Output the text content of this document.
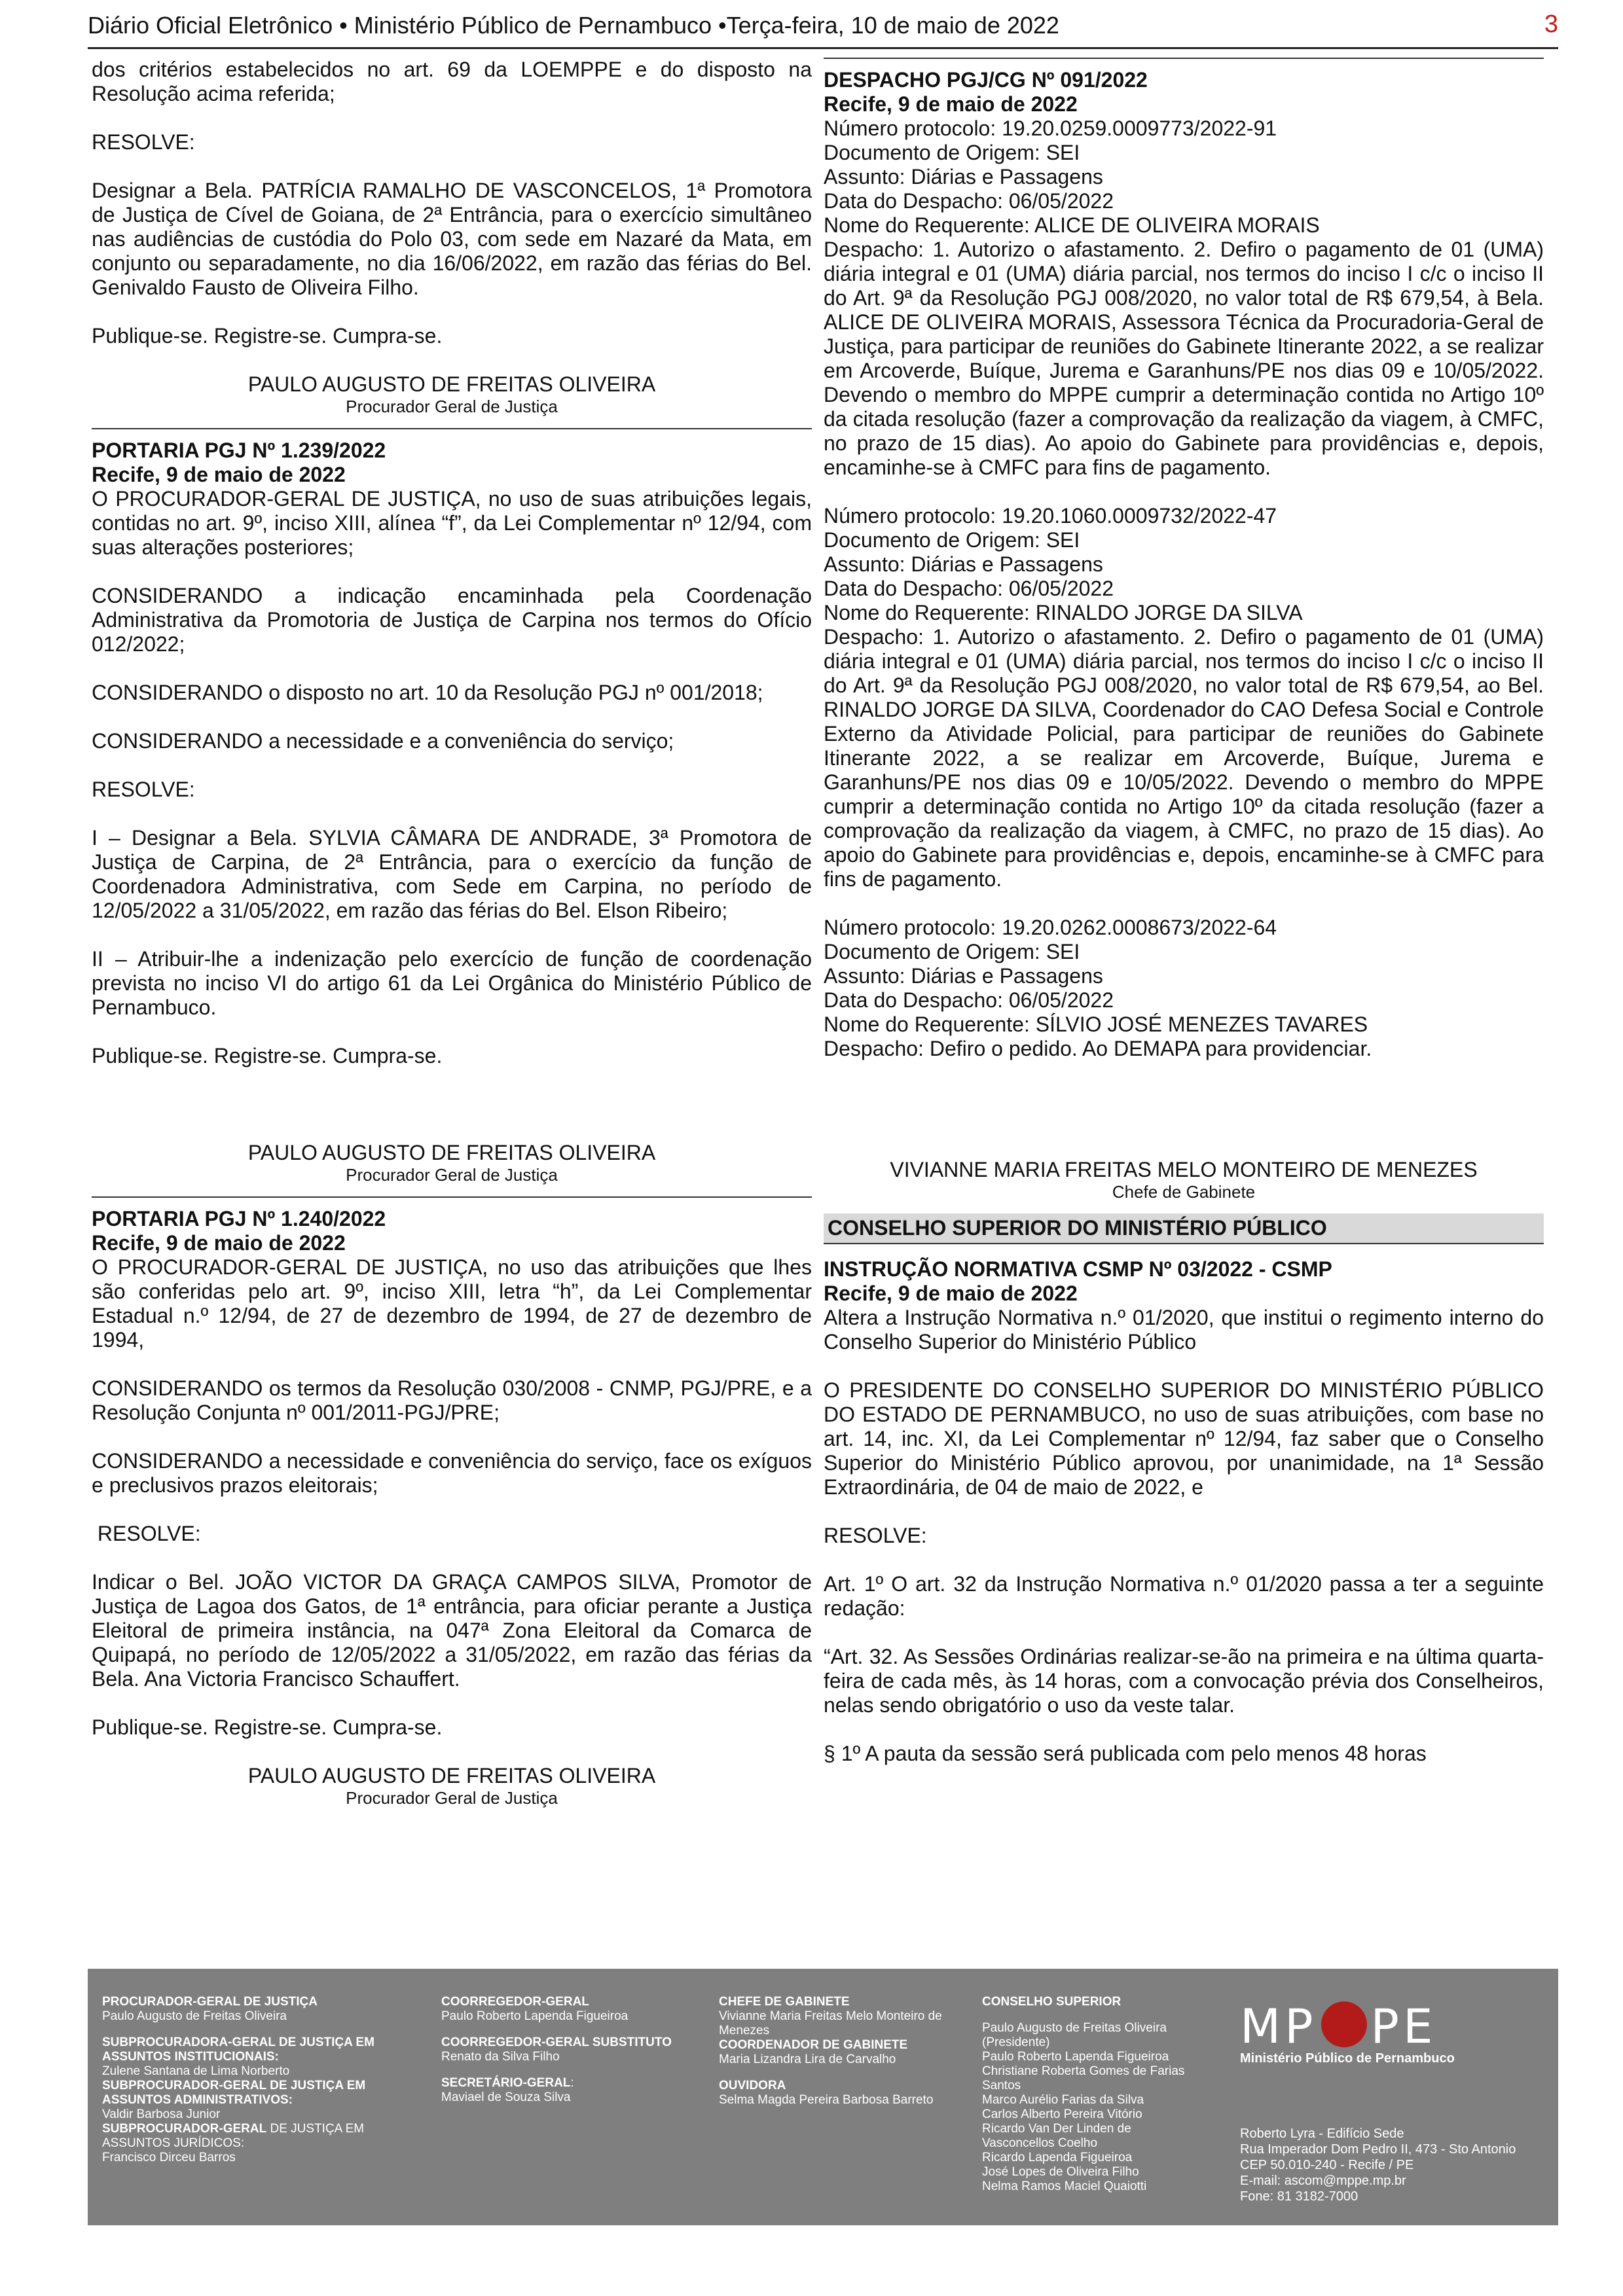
Diário Oficial Eletrônico • Ministério Público de Pernambuco •Terça-feira, 10 de maio de 2022	3

dos critérios estabelecidos no art. 69 da LOEMPPE e do disposto na Resolução acima referida;

RESOLVE:

Designar a Bela. PATRÍCIA RAMALHO DE VASCONCELOS, 1ª Promotora de Justiça de Cível de Goiana, de 2ª Entrância, para o exercício simultâneo nas audiências de custódia do Polo 03, com sede em Nazaré da Mata, em conjunto ou separadamente, no dia 16/06/2022, em razão das férias do Bel. Genivaldo Fausto de Oliveira Filho.

Publique-se. Registre-se. Cumpra-se.

PAULO AUGUSTO DE FREITAS OLIVEIRA

Procurador Geral de Justiça

PORTARIA PGJ Nº 1.239/2022

Recife, 9 de maio de 2022

O PROCURADOR-GERAL DE JUSTIÇA, no uso de suas atribuições legais, contidas no art. 9º, inciso XIII, alínea “f”, da Lei Complementar nº 12/94, com suas alterações posteriores;

CONSIDERANDO a indicação encaminhada pela Coordenação Administrativa da Promotoria de Justiça de Carpina nos termos do Ofício 012/2022;

CONSIDERANDO o disposto no art. 10 da Resolução PGJ nº 001/2018;

CONSIDERANDO a necessidade e a conveniência do serviço;

RESOLVE:

I – Designar a Bela. SYLVIA CÂMARA DE ANDRADE, 3ª Promotora de Justiça de Carpina, de 2ª Entrância, para o exercício da função de Coordenadora Administrativa, com Sede em Carpina, no período de 12/05/2022 a 31/05/2022, em razão das férias do Bel. Elson Ribeiro;

II – Atribuir-lhe a indenização pelo exercício de função de coordenação prevista no inciso VI do artigo 61 da Lei Orgânica do Ministério Público de Pernambuco.

Publique-se. Registre-se. Cumpra-se.

PAULO AUGUSTO DE FREITAS OLIVEIRA

Procurador Geral de Justiça

PORTARIA PGJ Nº 1.240/2022

Recife, 9 de maio de 2022

O PROCURADOR-GERAL DE JUSTIÇA, no uso das atribuições que lhes são conferidas pelo art. 9º, inciso XIII, letra “h”, da Lei Complementar Estadual n.º 12/94, de 27 de dezembro de 1994, de 27 de dezembro de 1994,

CONSIDERANDO os termos da Resolução 030/2008 - CNMP, PGJ/PRE, e a Resolução Conjunta nº 001/2011-PGJ/PRE;

CONSIDERANDO a necessidade e conveniência do serviço, face os exíguos e preclusivos prazos eleitorais;

RESOLVE:

Indicar o Bel. JOÃO VICTOR DA GRAÇA CAMPOS SILVA, Promotor de Justiça de Lagoa dos Gatos, de 1ª entrância, para oficiar perante a Justiça Eleitoral de primeira instância, na 047ª Zona Eleitoral da Comarca de Quipapá, no período de 12/05/2022 a 31/05/2022, em razão das férias da Bela. Ana Victoria Francisco Schauffert.

Publique-se. Registre-se. Cumpra-se.

PAULO AUGUSTO DE FREITAS OLIVEIRA

Procurador Geral de Justiça

DESPACHO PGJ/CG Nº 091/2022

Recife, 9 de maio de 2022

Número protocolo: 19.20.0259.0009773/2022-91

Documento de Origem: SEI

Assunto: Diárias e Passagens

Data do Despacho: 06/05/2022

Nome do Requerente: ALICE DE OLIVEIRA MORAIS

Despacho: 1. Autorizo o afastamento. 2. Defiro o pagamento de 01 (UMA) diária integral e 01 (UMA) diária parcial, nos termos do inciso I c/c o inciso II do Art. 9ª da Resolução PGJ 008/2020, no valor total de R$ 679,54, à Bela. ALICE DE OLIVEIRA MORAIS, Assessora Técnica da Procuradoria-Geral de Justiça, para participar de reuniões do Gabinete Itinerante 2022, a se realizar em Arcoverde, Buíque, Jurema e Garanhuns/PE nos dias 09 e 10/05/2022. Devendo o membro do MPPE cumprir a determinação contida no Artigo 10º da citada resolução (fazer a comprovação da realização da viagem, à CMFC, no prazo de 15 dias). Ao apoio do Gabinete para providências e, depois, encaminhe-se à CMFC para fins de pagamento.

Número protocolo: 19.20.1060.0009732/2022-47

Documento de Origem: SEI

Assunto: Diárias e Passagens

Data do Despacho: 06/05/2022

Nome do Requerente: RINALDO JORGE DA SILVA

Despacho: 1. Autorizo o afastamento. 2. Defiro o pagamento de 01 (UMA) diária integral e 01 (UMA) diária parcial, nos termos do inciso I c/c o inciso II do Art. 9ª da Resolução PGJ 008/2020, no valor total de R$ 679,54, ao Bel. RINALDO JORGE DA SILVA, Coordenador do CAO Defesa Social e Controle Externo da Atividade Policial, para participar de reuniões do Gabinete Itinerante 2022, a se realizar em Arcoverde, Buíque, Jurema e Garanhuns/PE nos dias 09 e 10/05/2022. Devendo o membro do MPPE cumprir a determinação contida no Artigo 10º da citada resolução (fazer a comprovação da realização da viagem, à CMFC, no prazo de 15 dias). Ao apoio do Gabinete para providências e, depois, encaminhe-se à CMFC para fins de pagamento.

Número protocolo: 19.20.0262.0008673/2022-64

Documento de Origem: SEI

Assunto: Diárias e Passagens

Data do Despacho: 06/05/2022

Nome do Requerente: SÍLVIO JOSÉ MENEZES TAVARES

Despacho: Defiro o pedido. Ao DEMAPA para providenciar.

VIVIANNE MARIA FREITAS MELO MONTEIRO DE MENEZES

Chefe de Gabinete

CONSELHO SUPERIOR DO MINISTÉRIO PÚBLICO

INSTRUÇÃO NORMATIVA CSMP Nº 03/2022 - CSMP

Recife, 9 de maio de 2022

Altera a Instrução Normativa n.º 01/2020, que institui o regimento interno do Conselho Superior do Ministério Público

O PRESIDENTE DO CONSELHO SUPERIOR DO MINISTÉRIO PÚBLICO DO ESTADO DE PERNAMBUCO, no uso de suas atribuições, com base no art. 14, inc. XI, da Lei Complementar nº 12/94, faz saber que o Conselho Superior do Ministério Público aprovou, por unanimidade, na 1ª Sessão Extraordinária, de 04 de maio de 2022, e

RESOLVE:

Art. 1º O art. 32 da Instrução Normativa n.º 01/2020 passa a ter a seguinte redação:

“Art. 32. As Sessões Ordinárias realizar-se-ão na primeira e na última quarta-feira de cada mês, às 14 horas, com a convocação prévia dos Conselheiros, nelas sendo obrigatório o uso da veste talar.

§ 1º A pauta da sessão será publicada com pelo menos 48 horas

PROCURADOR-GERAL DE JUSTIÇA
Paulo Augusto de Freitas Oliveira
SUBPROCURADORA-GERAL DE JUSTIÇA EM ASSUNTOS INSTITUCIONAIS:
Zulene Santana de Lima Norberto
SUBPROCURADOR-GERAL DE JUSTIÇA EM ASSUNTOS ADMINISTRATIVOS:
Valdir Barbosa Junior
SUBPROCURADOR-GERAL DE JUSTIÇA EM ASSUNTOS JURÍDICOS:
Francisco Dirceu Barros
COORREGEDOR-GERAL
Paulo Roberto Lapenda Figueiroa
COORREGEDOR-GERAL SUBSTITUTO
Renato da Silva Filho
SECRETÁRIO-GERAL:
Maviael de Souza Silva
CHEFE DE GABINETE
Vivianne Maria Freitas Melo Monteiro de Menezes
COORDENADOR DE GABINETE
Maria Lizandra Lira de Carvalho
OUVIDORA
Selma Magda Pereira Barbosa Barreto
CONSELHO SUPERIOR
Paulo Augusto de Freitas Oliveira
(Presidente)
Paulo Roberto Lapenda Figueiroa
Christiane Roberta Gomes de Farias
Santos
Marco Aurélio Farias da Silva
Carlos Alberto Pereira Vitório
Ricardo Van Der Linden de
Vasconcellos Coelho
Ricardo Lapenda Figueiroa
José Lopes de Oliveira Filho
Nelma Ramos Maciel Quaiotti
MP PE
Ministério Público de Pernambuco
Roberto Lyra - Edifício Sede
Rua Imperador Dom Pedro II, 473 - Sto Antonio
CEP 50.010-240 - Recife / PE
E-mail: ascom@mppe.mp.br
Fone: 81 3182-7000
